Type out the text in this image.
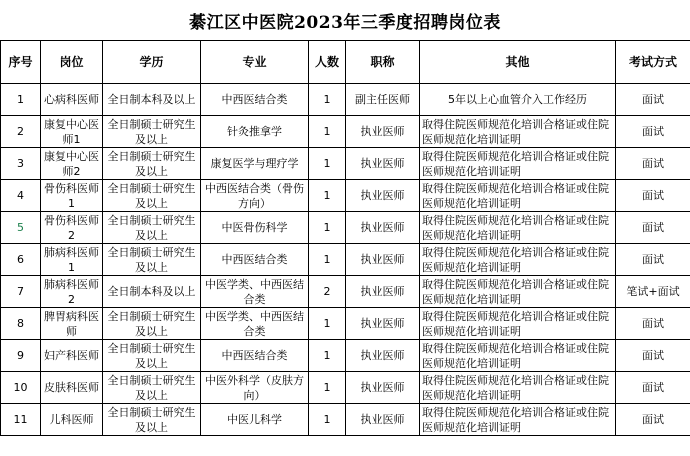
綦江区中医院2023年三季度招聘岗位表
序号	岗位	学历	专业	人数	职称	其他	考试方式
1	心病科医师	全日制本科及以上	中西医结合类	1	副主任医师	5年以上心血管介入工作经历	面试
2	康复中心医师1	全日制硕士研究生及以上	针灸推拿学	1	执业医师	取得住院医师规范化培训合格证或住院医师规范化培训证明	面试
3	康复中心医师2	全日制硕士研究生及以上	康复医学与理疗学	1	执业医师	取得住院医师规范化培训合格证或住院医师规范化培训证明	面试
4	骨伤科医师1	全日制硕士研究生及以上	中西医结合类（骨伤方向）	1	执业医师	取得住院医师规范化培训合格证或住院医师规范化培训证明	面试
5	骨伤科医师2	全日制硕士研究生及以上	中医骨伤科学	1	执业医师	取得住院医师规范化培训合格证或住院医师规范化培训证明	面试
6	肺病科医师1	全日制硕士研究生及以上	中西医结合类	1	执业医师	取得住院医师规范化培训合格证或住院医师规范化培训证明	面试
7	肺病科医师2	全日制本科及以上	中医学类、中西医结合类	2	执业医师	取得住院医师规范化培训合格证或住院医师规范化培训证明	笔试+面试
8	脾胃病科医师	全日制硕士研究生及以上	中医学类、中西医结合类	1	执业医师	取得住院医师规范化培训合格证或住院医师规范化培训证明	面试
9	妇产科医师	全日制硕士研究生及以上	中西医结合类	1	执业医师	取得住院医师规范化培训合格证或住院医师规范化培训证明	面试
10	皮肤科医师	全日制硕士研究生及以上	中医外科学（皮肤方向）	1	执业医师	取得住院医师规范化培训合格证或住院医师规范化培训证明	面试
11	儿科医师	全日制硕士研究生及以上	中医儿科学	1	执业医师	取得住院医师规范化培训合格证或住院医师规范化培训证明	面试
